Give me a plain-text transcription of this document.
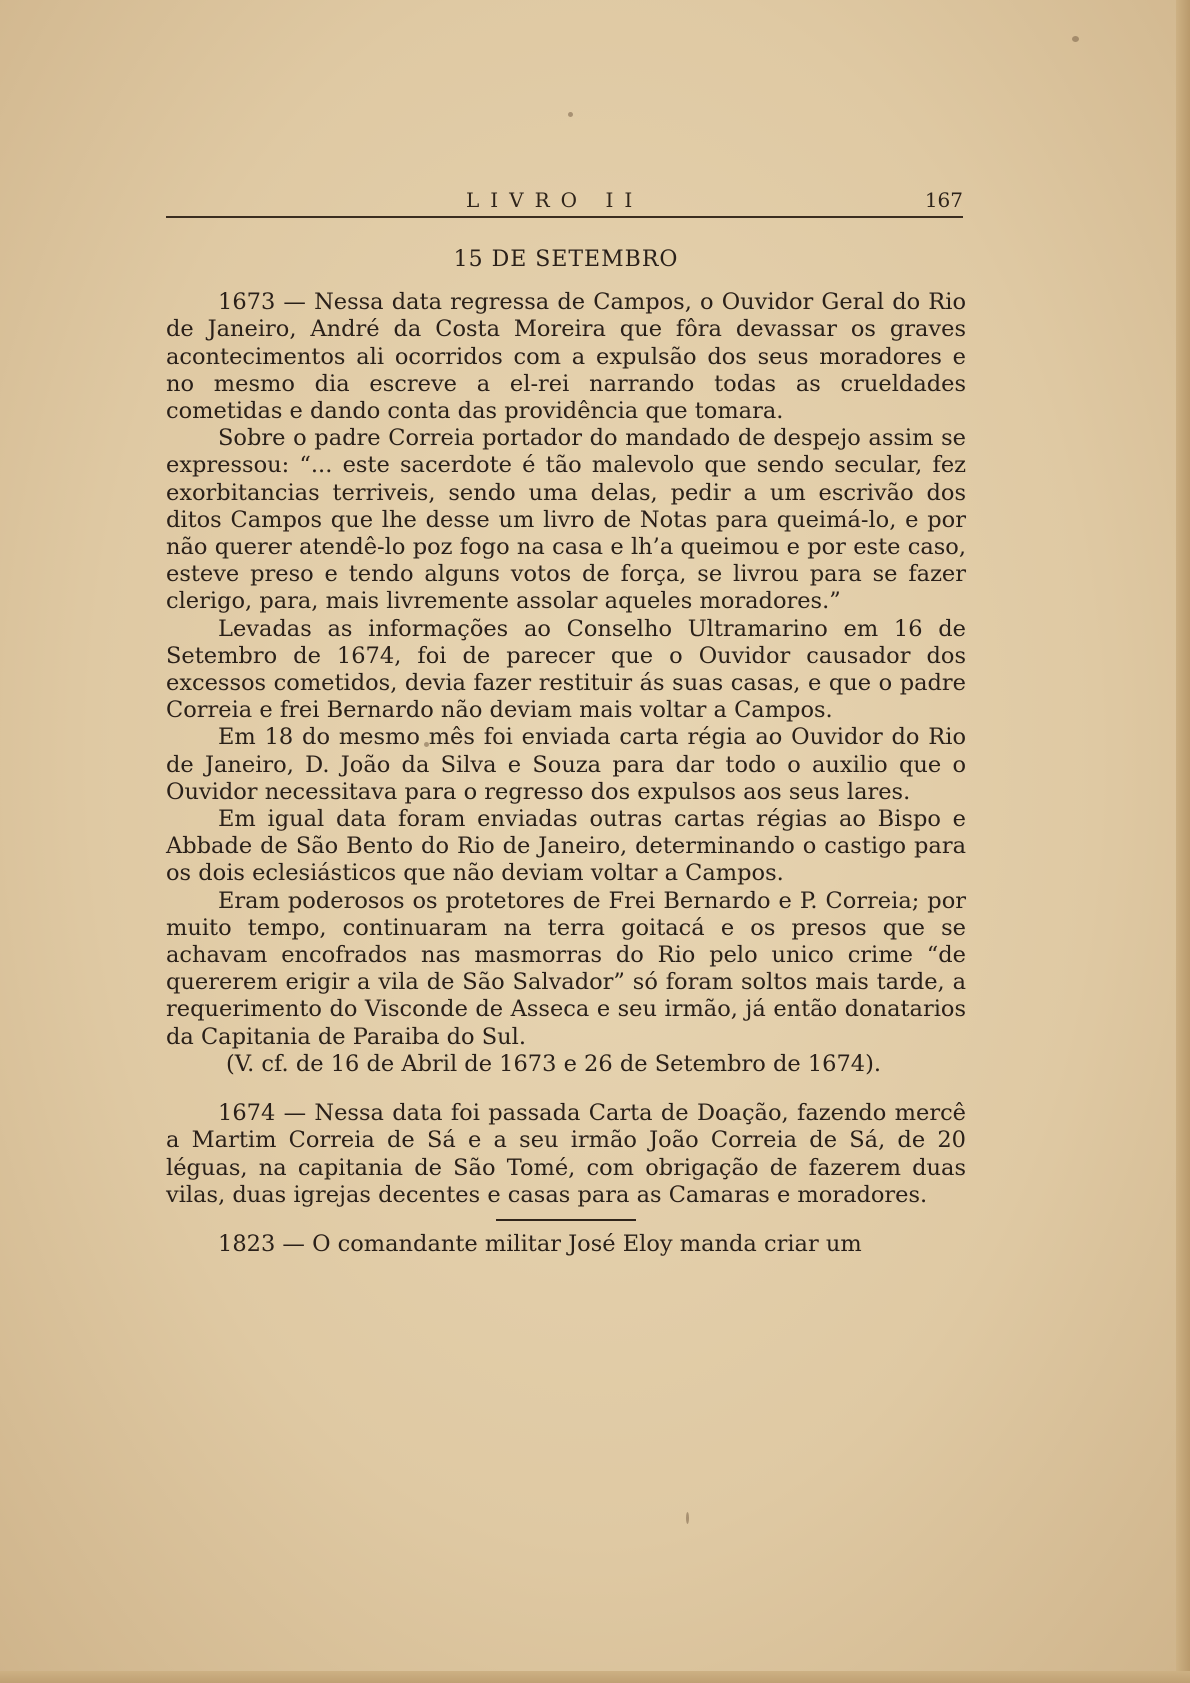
LIVRO II	167
15 DE SETEMBRO

1673 — Nessa data regressa de Campos, o Ouvidor Geral do Rio de Janeiro, André da Costa Moreira que fôra devassar os graves acontecimentos ali ocorridos com a expulsão dos seus moradores e no mesmo dia escreve a el-rei narrando todas as crueldades cometidas e dando conta das providência que tomara.

Sobre o padre Correia portador do mandado de despejo assim se expressou: “... este sacerdote é tão malevolo que sendo secular, fez exorbitancias terriveis, sendo uma delas, pedir a um escrivão dos ditos Campos que lhe desse um livro de Notas para queimá-lo, e por não querer atendê-lo poz fogo na casa e lh’a queimou e por este caso, esteve preso e tendo alguns votos de força, se livrou para se fazer clerigo, para, mais livremente assolar aqueles moradores.”

Levadas as informações ao Conselho Ultramarino em 16 de Setembro de 1674, foi de parecer que o Ouvidor causador dos excessos cometidos, devia fazer restituir ás suas casas, e que o padre Correia e frei Bernardo não deviam mais voltar a Campos.

Em 18 do mesmo mês foi enviada carta régia ao Ouvidor do Rio de Janeiro, D. João da Silva e Souza para dar todo o auxilio que o Ouvidor necessitava para o regresso dos expulsos aos seus lares.

Em igual data foram enviadas outras cartas régias ao Bispo e Abbade de São Bento do Rio de Janeiro, determinando o castigo para os dois eclesiásticos que não deviam voltar a Campos.

Eram poderosos os protetores de Frei Bernardo e P. Correia; por muito tempo, continuaram na terra goitacá e os presos que se achavam encofrados nas masmorras do Rio pelo unico crime “de quererem erigir a vila de São Salvador” só foram soltos mais tarde, a requerimento do Visconde de Asseca e seu irmão, já então donatarios da Capitania de Paraiba do Sul.

(V. cf. de 16 de Abril de 1673 e 26 de Setembro de 1674).

1674 — Nessa data foi passada Carta de Doação, fazendo mercê a Martim Correia de Sá e a seu irmão João Correia de Sá, de 20 léguas, na capitania de São Tomé, com obrigação de fazerem duas vilas, duas igrejas decentes e casas para as Camaras e moradores.

1823 — O comandante militar José Eloy manda criar um
